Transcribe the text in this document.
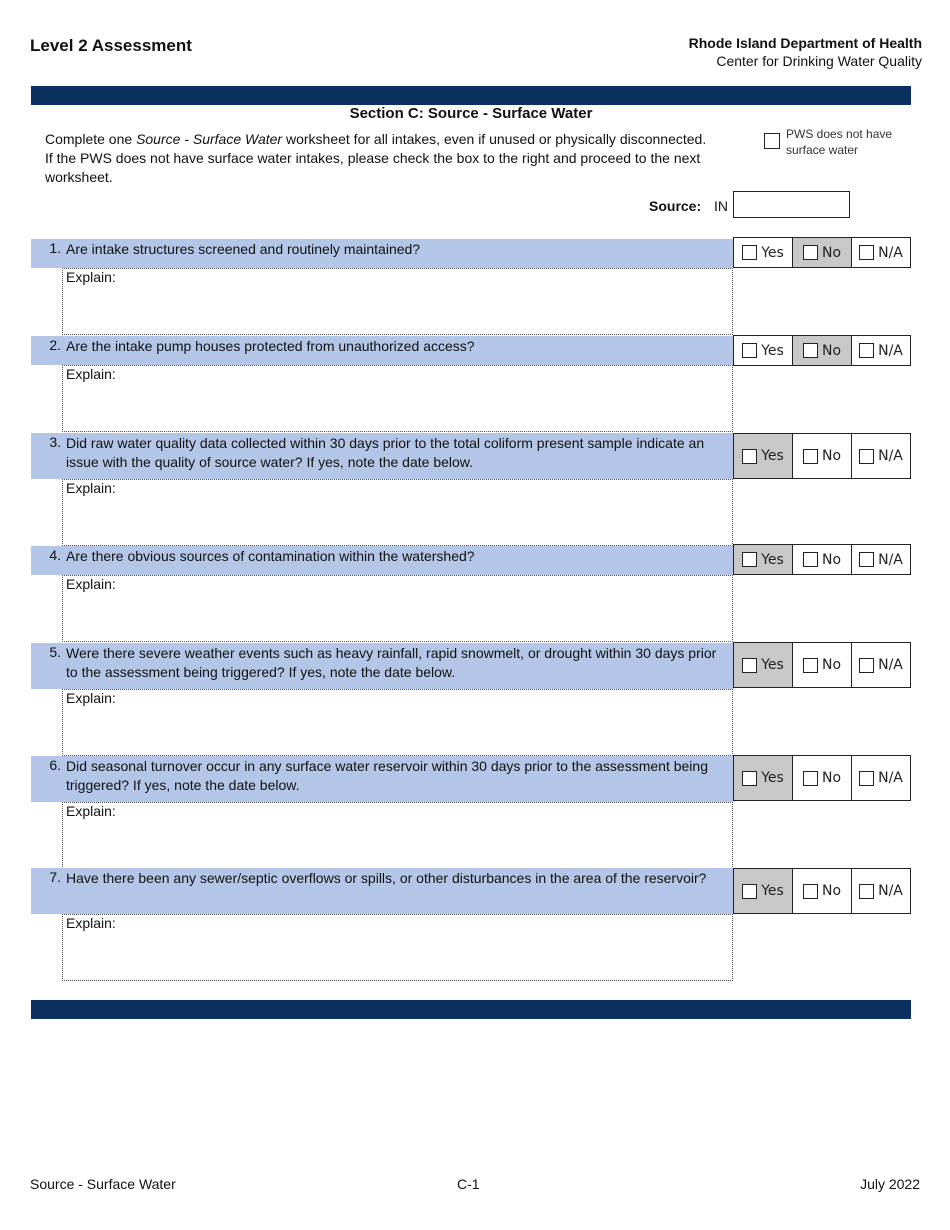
Level 2 Assessment	Rhode Island Department of Health
Center for Drinking Water Quality
Section C: Source - Surface Water
Complete one Source - Surface Water worksheet for all intakes, even if unused or physically disconnected. If the PWS does not have surface water intakes, please check the box to the right and proceed to the next worksheet.
PWS does not have surface water
Source: IN
1. Are intake structures screened and routinely maintained?
Explain:
Yes	No	N/A
2. Are the intake pump houses protected from unauthorized access?
Explain:
Yes	No	N/A
3. Did raw water quality data collected within 30 days prior to the total coliform present sample indicate an issue with the quality of source water? If yes, note the date below.
Explain:
Yes	No	N/A
4. Are there obvious sources of contamination within the watershed?
Explain:
Yes	No	N/A
5. Were there severe weather events such as heavy rainfall, rapid snowmelt, or drought within 30 days prior to the assessment being triggered? If yes, note the date below.
Explain:
Yes	No	N/A
6. Did seasonal turnover occur in any surface water reservoir within 30 days prior to the assessment being triggered? If yes, note the date below.
Explain:
Yes	No	N/A
7. Have there been any sewer/septic overflows or spills, or other disturbances in the area of the reservoir?
Explain:
Yes	No	N/A
Source - Surface Water	C-1	July 2022
